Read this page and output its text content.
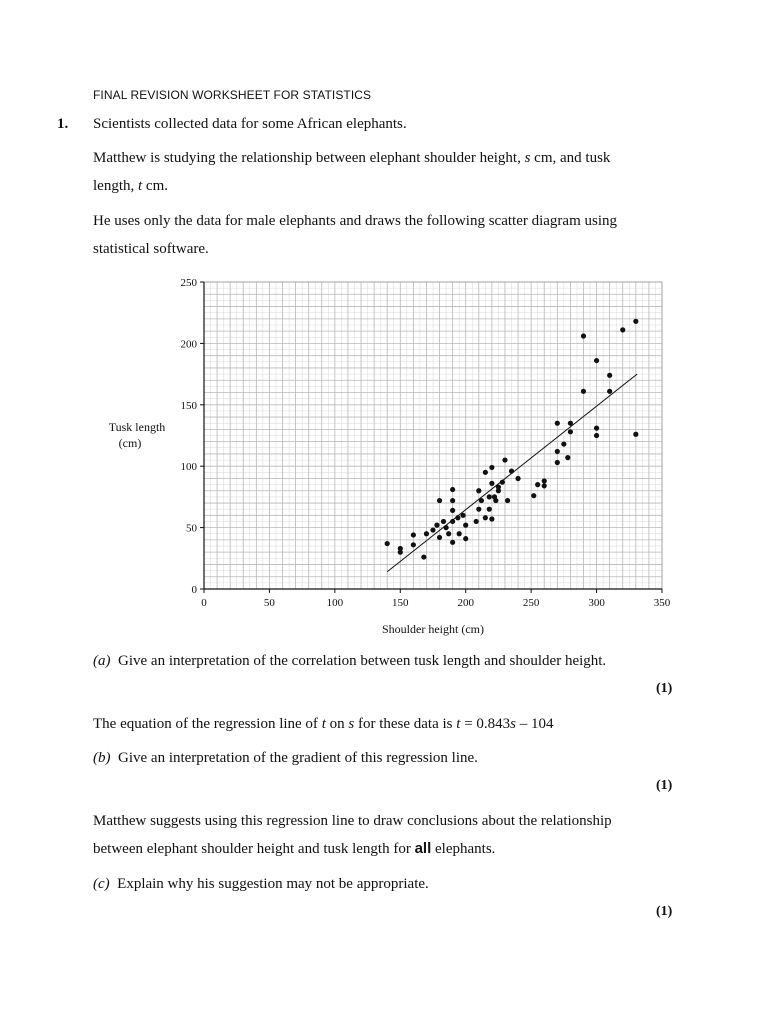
FINAL REVISION WORKSHEET FOR STATISTICS
1. Scientists collected data for some African elephants.
Matthew is studying the relationship between elephant shoulder height, s cm, and tusk
length, t cm.
He uses only the data for male elephants and draws the following scatter diagram using
statistical software.
0	50	100	150	200	250	300	350
0
50
100
150
200
250
Tusk length
(cm)
Shoulder height (cm)
(a) Give an interpretation of the correlation between tusk length and shoulder height.
(1)
The equation of the regression line of t on s for these data is t = 0.843s – 104
(b) Give an interpretation of the gradient of this regression line.
(1)
Matthew suggests using this regression line to draw conclusions about the relationship
between elephant shoulder height and tusk length for all elephants.
(c) Explain why his suggestion may not be appropriate.
(1)
